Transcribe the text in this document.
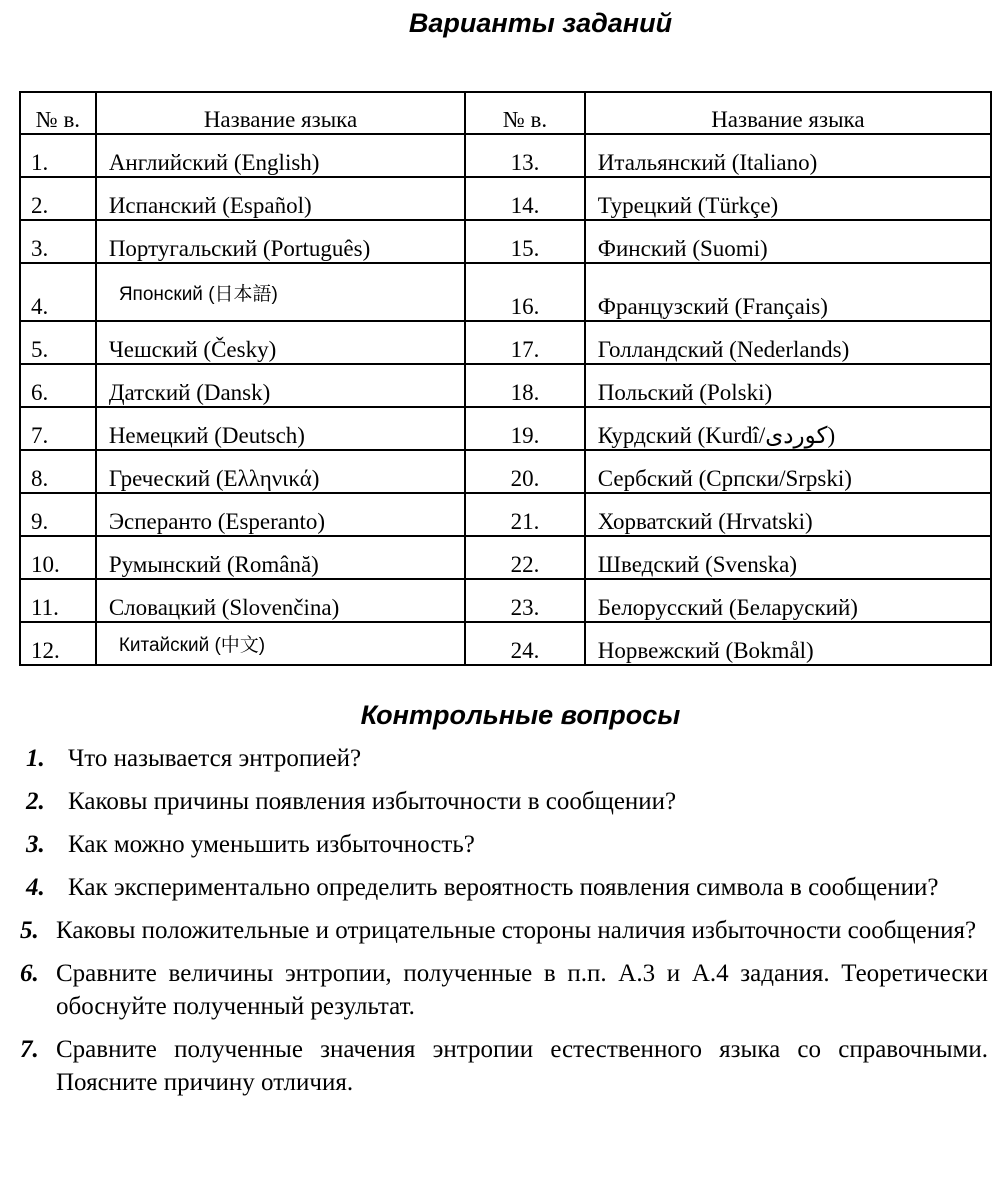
Варианты заданий
№ в.	Название языка	№ в.	Название языка
1.	Английский (English)	13.	Итальянский (Italiano)
2.	Испанский (Español)	14.	Турецкий (Türkçe)
3.	Португальский (Português)	15.	Финский (Suomi)
4.	Японский (日本語)	16.	Французский (Français)
5.	Чешский (Česky)	17.	Голландский (Nederlands)
6.	Датский (Dansk)	18.	Польский (Polski)
7.	Немецкий (Deutsch)	19.	Курдский (Kurdî/كوردی)
8.	Греческий (Ελληνικά)	20.	Сербский (Српски/Srpski)
9.	Эсперанто (Esperanto)	21.	Хорватский (Hrvatski)
10.	Румынский (Română)	22.	Шведский (Svenska)
11.	Словацкий (Slovenčina)	23.	Белорусский (Беларуский)
12.	Китайский (中文)	24.	Норвежский (Bokmål)
Контрольные вопросы
1. Что называется энтропией?
2. Каковы причины появления избыточности в сообщении?
3. Как можно уменьшить избыточность?
4. Как экспериментально определить вероятность появления символа в сообщении?
5. Каковы положительные и отрицательные стороны наличия избыточности сообщения?
6. Сравните величины энтропии, полученные в п.п. А.3 и А.4 задания. Теоретически обоснуйте полученный результат.
7. Сравните полученные значения энтропии естественного языка со справочными. Поясните причину отличия.
